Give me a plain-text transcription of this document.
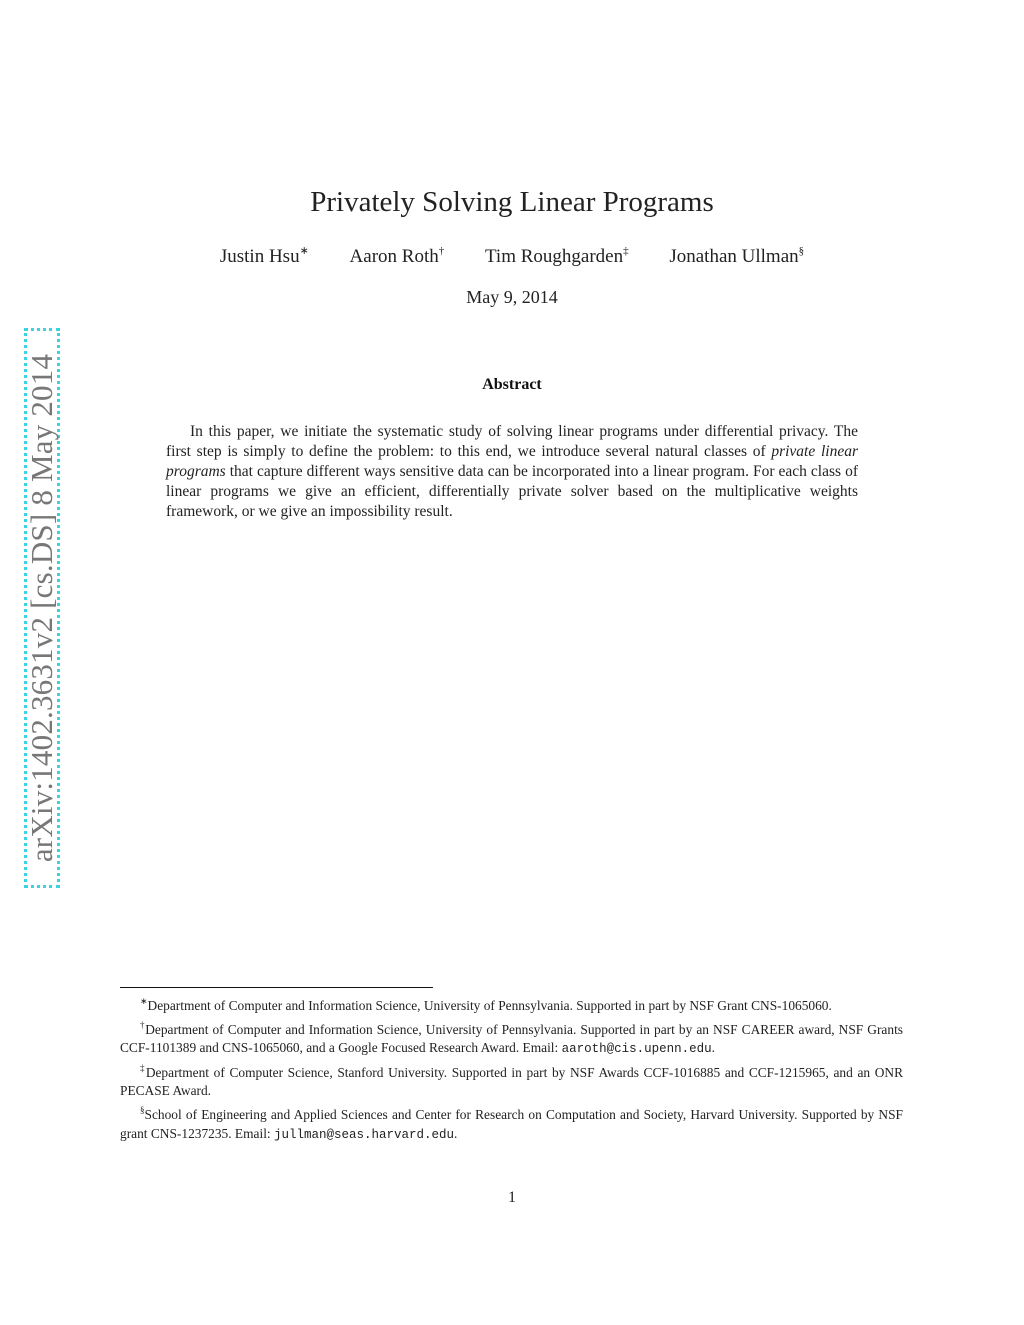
arXiv:1402.3631v2 [cs.DS] 8 May 2014
Privately Solving Linear Programs
Justin Hsu∗ Aaron Roth† Tim Roughgarden‡ Jonathan Ullman§
May 9, 2014
Abstract

In this paper, we initiate the systematic study of solving linear programs under differential privacy. The first step is simply to define the problem: to this end, we introduce several natural classes of private linear programs that capture different ways sensitive data can be incorporated into a linear program. For each class of linear programs we give an efficient, differentially private solver based on the multiplicative weights framework, or we give an impossibility result.

∗Department of Computer and Information Science, University of Pennsylvania. Supported in part by NSF Grant CNS-1065060.

†Department of Computer and Information Science, University of Pennsylvania. Supported in part by an NSF CAREER award, NSF Grants CCF-1101389 and CNS-1065060, and a Google Focused Research Award. Email: aaroth@cis.upenn.edu.

‡Department of Computer Science, Stanford University. Supported in part by NSF Awards CCF-1016885 and CCF-1215965, and an ONR PECASE Award.

§School of Engineering and Applied Sciences and Center for Research on Computation and Society, Harvard University. Supported by NSF grant CNS-1237235. Email: jullman@seas.harvard.edu.

1
